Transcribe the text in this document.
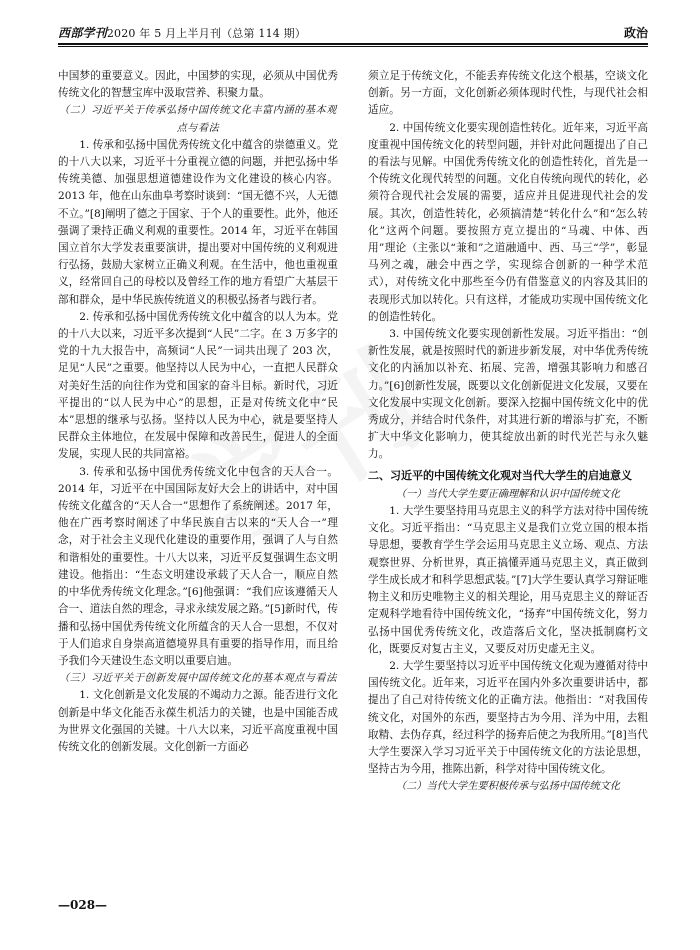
西部学刊2020 年 5 月上半月刊（总第 114 期）	政治

中国梦的重要意义。因此，中国梦的实现，必须从中国优秀传统文化的智慧宝库中汲取营养、积聚力量。

（二）习近平关于传承弘扬中国传统文化丰富内涵的基本观点与看法

1. 传承和弘扬中国优秀传统文化中蕴含的崇德重义。党的十八大以来，习近平十分重视立德的问题，并把弘扬中华传统美德、加强思想道德建设作为文化建设的核心内容。2013 年，他在山东曲阜考察时谈到：“国无德不兴，人无德不立。”[8]阐明了德之于国家、于个人的重要性。此外，他还强调了秉持正确义利观的重要性。2014 年，习近平在韩国国立首尔大学发表重要演讲，提出要对中国传统的义利观进行弘扬，鼓励大家树立正确义利观。在生活中，他也重视重义，经常回自己的母校以及曾经工作的地方看望广大基层干部和群众，是中华民族传统道义的积极弘扬者与践行者。

2. 传承和弘扬中国优秀传统文化中蕴含的以人为本。党的十八大以来，习近平多次提到“人民”二字。在 3 万多字的党的十九大报告中，高频词“人民”一词共出现了 203 次，足见“人民”之重要。他坚持以人民为中心，一直把人民群众对美好生活的向往作为党和国家的奋斗目标。新时代，习近平提出的“以人民为中心”的思想，正是对传统文化中“民本”思想的继承与弘扬。坚持以人民为中心，就是要坚持人民群众主体地位，在发展中保障和改善民生，促进人的全面发展，实现人民的共同富裕。

3. 传承和弘扬中国优秀传统文化中包含的天人合一。2014 年，习近平在中国国际友好大会上的讲话中，对中国传统文化蕴含的“天人合一”思想作了系统阐述。2017 年，他在广西考察时阐述了中华民族自古以来的“天人合一”理念，对于社会主义现代化建设的重要作用，强调了人与自然和谐相处的重要性。十八大以来，习近平反复强调生态文明建设。他指出：“生态文明建设承载了天人合一，顺应自然的中华优秀传统文化理念。”[6]他强调：“我们应该遵循天人合一、道法自然的理念，寻求永续发展之路。”[5]新时代，传播和弘扬中国优秀传统文化所蕴含的天人合一思想，不仅对于人们追求自身崇高道德境界具有重要的指导作用，而且给予我们今天建设生态文明以重要启迪。

（三）习近平关于创新发展中国传统文化的基本观点与看法

1. 文化创新是文化发展的不竭动力之源。能否进行文化创新是中华文化能否永葆生机活力的关键，也是中国能否成为世界文化强国的关键。十八大以来，习近平高度重视中国传统文化的创新发展。文化创新一方面必

须立足于传统文化，不能丢弃传统文化这个根基，空谈文化创新。另一方面，文化创新必须体现时代性，与现代社会相适应。

2. 中国传统文化要实现创造性转化。近年来，习近平高度重视中国传统文化的转型问题，并针对此问题提出了自己的看法与见解。中国优秀传统文化的创造性转化，首先是一个传统文化现代转型的问题。文化自传统向现代的转化，必须符合现代社会发展的需要，适应并且促进现代社会的发展。其次，创造性转化，必须搞清楚“转化什么”和“怎么转化”这两个问题。要按照方克立提出的“马魂、中体、西用”理论（主张以“兼和”之道融通中、西、马三“学”，彰显马列之魂，融会中西之学，实现综合创新的一种学术范式），对传统文化中那些至今仍有借鉴意义的内容及其旧的表现形式加以转化。只有这样，才能成功实现中国传统文化的创造性转化。

3. 中国传统文化要实现创新性发展。习近平指出：“创新性发展，就是按照时代的新进步新发展，对中华优秀传统文化的内涵加以补充、拓展、完善，增强其影响力和感召力。”[6]创新性发展，既要以文化创新促进文化发展，又要在文化发展中实现文化创新。要深入挖掘中国传统文化中的优秀成分，并结合时代条件，对其进行新的增添与扩充，不断扩大中华文化影响力，使其绽放出新的时代光芒与永久魅力。

二、习近平的中国传统文化观对当代大学生的启迪意义

（一）当代大学生要正确理解和认识中国传统文化

1. 大学生要坚持用马克思主义的科学方法对待中国传统文化。习近平指出：“马克思主义是我们立党立国的根本指导思想，要教育学生学会运用马克思主义立场、观点、方法观察世界、分析世界，真正搞懂弄通马克思主义，真正做到学生成长成才和科学思想武装。”[7]大学生要认真学习辩证唯物主义和历史唯物主义的相关理论，用马克思主义的辩证否定观科学地看待中国传统文化，“扬弃”中国传统文化，努力弘扬中国优秀传统文化，改造落后文化，坚决抵制腐朽文化，既要反对复古主义，又要反对历史虚无主义。

2. 大学生要坚持以习近平中国传统文化观为遵循对待中国传统文化。近年来，习近平在国内外多次重要讲话中，都提出了自己对待传统文化的正确方法。他指出：“对我国传统文化，对国外的东西，要坚持古为今用、洋为中用，去粗取精、去伪存真，经过科学的扬弃后使之为我所用。”[8]当代大学生要深入学习习近平关于中国传统文化的方法论思想，坚持古为今用，推陈出新，科学对待中国传统文化。

（二）当代大学生要积极传承与弘扬中国传统文化

—028—
